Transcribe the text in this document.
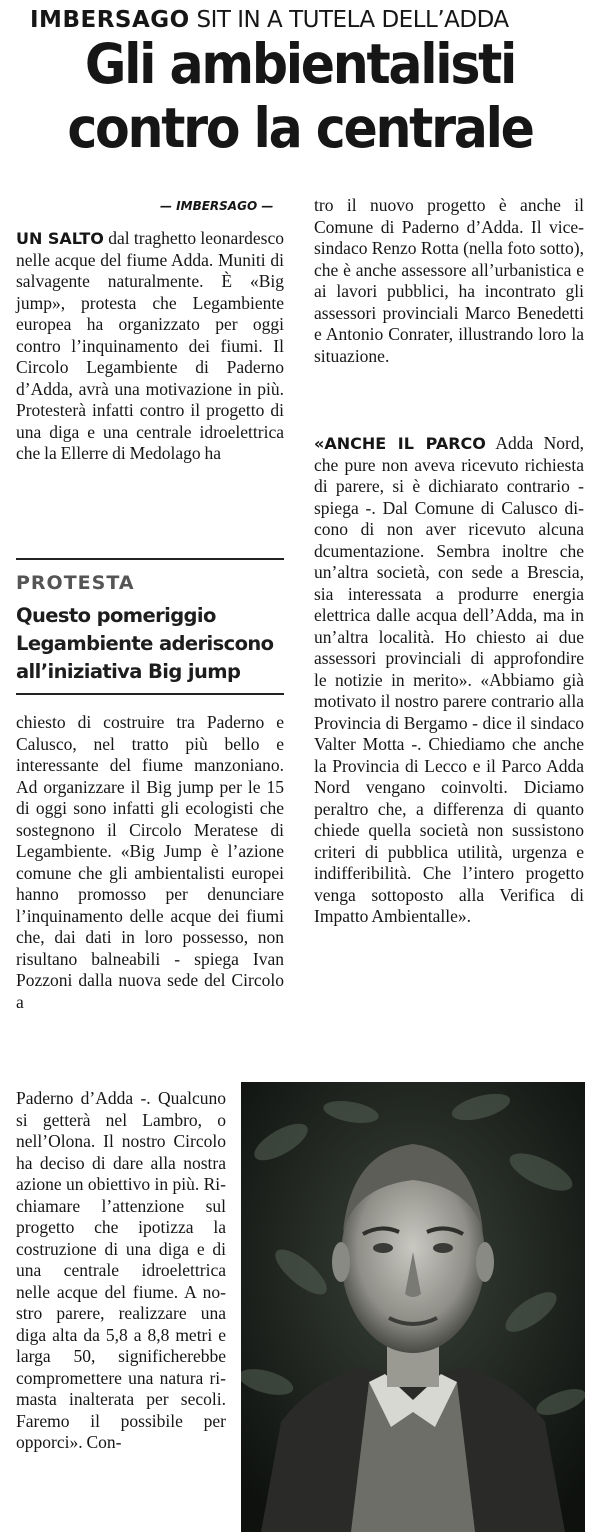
IMBERSAGO SIT IN A TUTELA DELL’ADDA
Gli ambientalisti
contro la centrale
— IMBERSAGO —

UN SALTO dal traghetto leonardesco nelle acque del fiume Adda. Muniti di salvagente naturalmente. È «Big jump», protesta che Legambiente europea ha organizzato per oggi contro l’inquinamento dei fiumi. Il Circolo Legambiente di Paderno d’Adda, avrà una motivazione in più. Protesterà infatti contro il progetto di una diga e una centrale idroelettrica che la Ellerre di Medolago ha

PROTESTA
Questo pomeriggio
Legambiente aderiscono
all’iniziativa Big jump

chiesto di costruire tra Paderno e Calusco, nel tratto più bello e interessante del fiume manzoniano. Ad organizzare il Big jump per le 15 di oggi sono infatti gli ecologisti che sostegnono il Circolo Meratese di Legambiente. «Big Jump è l’azione comune che gli ambientalisti europei hanno promosso per denunciare l’inquinamento delle acque dei fiumi che, dai dati in loro possesso, non risultano balneabili - spiega Ivan Pozzoni dalla nuova sede del Circolo a

Paderno d’Adda -. Qualcuno si getterà nel Lambro, o nell’Olona. Il nostro Circolo ha deciso di dare alla nostra azione un obiettivo in più. Richiamare l’attenzione sul progetto che ipotizza la costruzione di una diga e di una centrale idroelettrica nelle acque del fiume. A nostro parere, realizzare una diga alta da 5,8 a 8,8 metri e larga 50, significherebbe compromettere una natura rimasta inalterata per secoli. Faremo il possibile per opporci». Con-

tro il nuovo progetto è anche il Comune di Paderno d’Adda. Il vice-sindaco Renzo Rotta (nella foto sotto), che è anche assessore all’urbanistica e ai lavori pubblici, ha incontrato gli assessori provinciali Marco Benedetti e Antonio Conrater, illustrando loro la situazione.

«ANCHE IL PARCO Adda Nord, che pure non aveva ricevuto richiesta di parere, si è dichiarato contrario - spiega -. Dal Comune di Calusco dicono di non aver ricevuto alcuna dcumentazione. Sembra inoltre che un’altra società, con sede a Brescia, sia interessata a produrre energia elettrica dalle acqua dell’Adda, ma in un’altra località. Ho chiesto ai due assessori provinciali di approfondire le notizie in merito». «Abbiamo già motivato il nostro parere contrario alla Provincia di Bergamo - dice il sindaco Valter Motta -. Chiediamo che anche la Provincia di Lecco e il Parco Adda Nord vengano coinvolti. Diciamo peraltro che, a differenza di quanto chiede quella società non sussistono criteri di pubblica utilità, urgenza e indifferibilità. Che l’intero progetto venga sottoposto alla Verifica di Impatto Ambientalle».
